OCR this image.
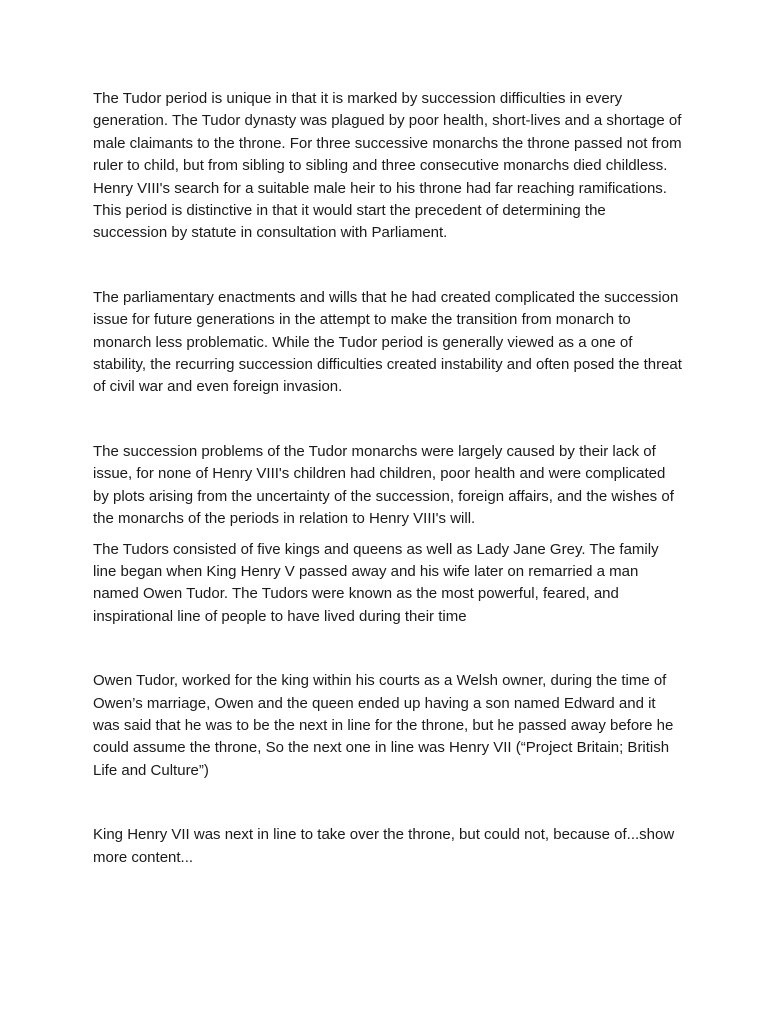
The Tudor period is unique in that it is marked by succession difficulties in every generation. The Tudor dynasty was plagued by poor health, short-lives and a shortage of male claimants to the throne. For three successive monarchs the throne passed not from ruler to child, but from sibling to sibling and three consecutive monarchs died childless. Henry VIII's search for a suitable male heir to his throne had far reaching ramifications. This period is distinctive in that it would start the precedent of determining the succession by statute in consultation with Parliament.

The parliamentary enactments and wills that he had created complicated the succession issue for future generations in the attempt to make the transition from monarch to monarch less problematic. While the Tudor period is generally viewed as a one of stability, the recurring succession difficulties created instability and often posed the threat of civil war and even foreign invasion.

The succession problems of the Tudor monarchs were largely caused by their lack of issue, for none of Henry VIII's children had children, poor health and were complicated by plots arising from the uncertainty of the succession, foreign affairs, and the wishes of the monarchs of the periods in relation to Henry VIII's will.

The Tudors consisted of five kings and queens as well as Lady Jane Grey. The family line began when King Henry V passed away and his wife later on remarried a man named Owen Tudor. The Tudors were known as the most powerful, feared, and inspirational line of people to have lived during their time

Owen Tudor, worked for the king within his courts as a Welsh owner, during the time of Owen’s marriage, Owen and the queen ended up having a son named Edward and it was said that he was to be the next in line for the throne, but he passed away before he could assume the throne, So the next one in line was Henry VII (“Project Britain; British Life and Culture”)

King Henry VII was next in line to take over the throne, but could not, because of...show more content...
